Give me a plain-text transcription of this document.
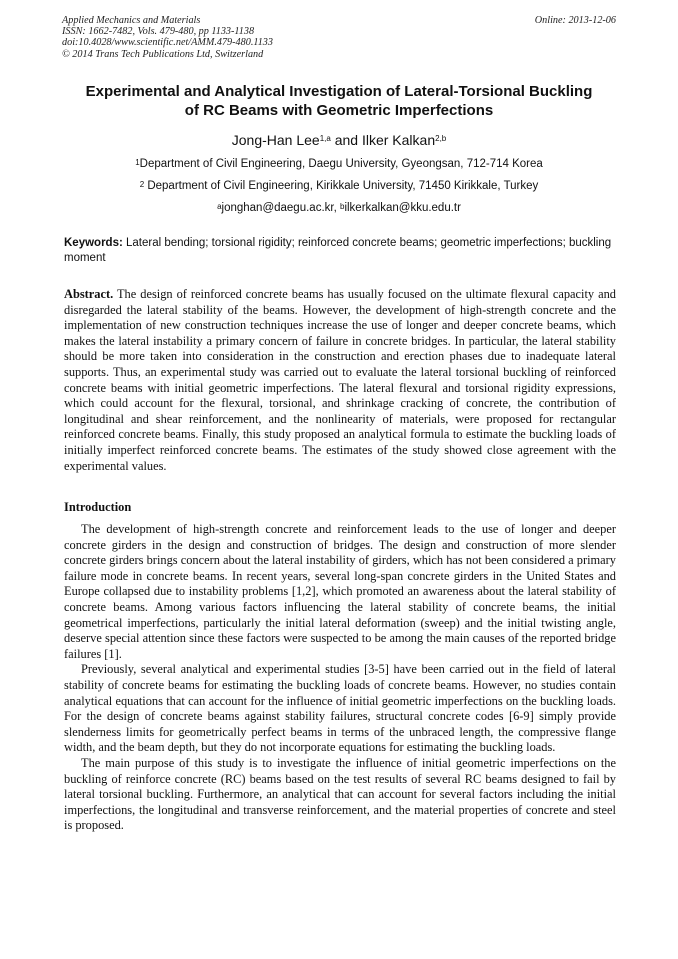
Applied Mechanics and Materials	Online: 2013-12-06
ISSN: 1662-7482, Vols. 479-480, pp 1133-1138
doi:10.4028/www.scientific.net/AMM.479-480.1133
© 2014 Trans Tech Publications Ltd, Switzerland
Experimental and Analytical Investigation of Lateral-Torsional Buckling
of RC Beams with Geometric Imperfections
Jong-Han Lee$^{1,a}$ and Ilker Kalkan$^{2,b}$
$^1$Department of Civil Engineering, Daegu University, Gyeongsan, 712-714 Korea
$^2$ Department of Civil Engineering, Kirikkale University, 71450 Kirikkale, Turkey
$^a$jonghan@daegu.ac.kr, $^b$ilkerkalkan@kku.edu.tr
Keywords: Lateral bending; torsional rigidity; reinforced concrete beams; geometric imperfections; buckling moment
Abstract. The design of reinforced concrete beams has usually focused on the ultimate flexural capacity and disregarded the lateral stability of the beams. However, the development of high-strength concrete and the implementation of new construction techniques increase the use of longer and deeper concrete beams, which makes the lateral instability a primary concern of failure in concrete bridges. In particular, the lateral stability should be more taken into consideration in the construction and erection phases due to inadequate lateral supports. Thus, an experimental study was carried out to evaluate the lateral torsional buckling of reinforced concrete beams with initial geometric imperfections. The lateral flexural and torsional rigidity expressions, which could account for the flexural, torsional, and shrinkage cracking of concrete, the contribution of longitudinal and shear reinforcement, and the nonlinearity of materials, were proposed for rectangular reinforced concrete beams. Finally, this study proposed an analytical formula to estimate the buckling loads of initially imperfect reinforced concrete beams. The estimates of the study showed close agreement with the experimental values.
Introduction

The development of high-strength concrete and reinforcement leads to the use of longer and deeper concrete girders in the design and construction of bridges. The design and construction of more slender concrete girders brings concern about the lateral instability of girders, which has not been considered a primary failure mode in concrete beams. In recent years, several long-span concrete girders in the United States and Europe collapsed due to instability problems [1,2], which promoted an awareness about the lateral stability of concrete beams. Among various factors influencing the lateral stability of concrete beams, the initial geometrical imperfections, particularly the initial lateral deformation (sweep) and the initial twisting angle, deserve special attention since these factors were suspected to be among the main causes of the reported bridge failures [1].

Previously, several analytical and experimental studies [3-5] have been carried out in the field of lateral stability of concrete beams for estimating the buckling loads of concrete beams. However, no studies contain analytical equations that can account for the influence of initial geometric imperfections on the buckling loads. For the design of concrete beams against stability failures, structural concrete codes [6-9] simply provide slenderness limits for geometrically perfect beams in terms of the unbraced length, the compressive flange width, and the beam depth, but they do not incorporate equations for estimating the buckling loads.

The main purpose of this study is to investigate the influence of initial geometric imperfections on the buckling of reinforce concrete (RC) beams based on the test results of several RC beams designed to fail by lateral torsional buckling. Furthermore, an analytical that can account for several factors including the initial imperfections, the longitudinal and transverse reinforcement, and the material properties of concrete and steel is proposed.
